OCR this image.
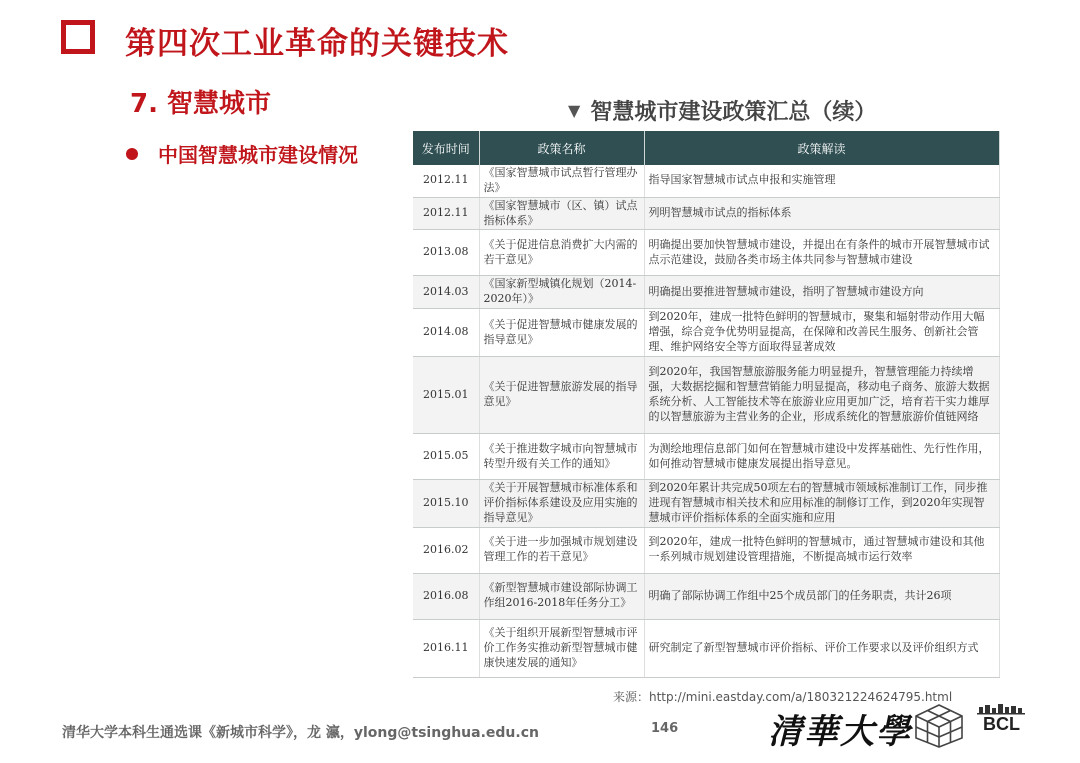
第四次工业革命的关键技术
7. 智慧城市
中国智慧城市建设情况
▼ 智慧城市建设政策汇总（续）
发布时间	政策名称	政策解读
2012.11	《国家智慧城市试点暂行管理办法》	指导国家智慧城市试点申报和实施管理
2012.11	《国家智慧城市（区、镇）试点指标体系》	列明智慧城市试点的指标体系
2013.08	《关于促进信息消费扩大内需的若干意见》	明确提出要加快智慧城市建设，并提出在有条件的城市开展智慧城市试点示范建设，鼓励各类市场主体共同参与智慧城市建设
2014.03	《国家新型城镇化规划（2014-2020年）》	明确提出要推进智慧城市建设，指明了智慧城市建设方向
2014.08	《关于促进智慧城市健康发展的指导意见》	到2020年，建成一批特色鲜明的智慧城市，聚集和辐射带动作用大幅增强，综合竞争优势明显提高，在保障和改善民生服务、创新社会管理、维护网络安全等方面取得显著成效
2015.01	《关于促进智慧旅游发展的指导意见》	到2020年，我国智慧旅游服务能力明显提升，智慧管理能力持续增强，大数据挖掘和智慧营销能力明显提高，移动电子商务、旅游大数据系统分析、人工智能技术等在旅游业应用更加广泛，培育若干实力雄厚的以智慧旅游为主营业务的企业，形成系统化的智慧旅游价值链网络
2015.05	《关于推进数字城市向智慧城市转型升级有关工作的通知》	为测绘地理信息部门如何在智慧城市建设中发挥基础性、先行性作用，如何推动智慧城市健康发展提出指导意见。
2015.10	《关于开展智慧城市标准体系和评价指标体系建设及应用实施的指导意见》	到2020年累计共完成50项左右的智慧城市领域标准制订工作，同步推进现有智慧城市相关技术和应用标准的制修订工作，到2020年实现智慧城市评价指标体系的全面实施和应用
2016.02	《关于进一步加强城市规划建设管理工作的若干意见》	到2020年，建成一批特色鲜明的智慧城市，通过智慧城市建设和其他一系列城市规划建设管理措施，不断提高城市运行效率
2016.08	《新型智慧城市建设部际协调工作组2016-2018年任务分工》	明确了部际协调工作组中25个成员部门的任务职责，共计26项
2016.11	《关于组织开展新型智慧城市评价工作务实推动新型智慧城市健康快速发展的通知》	研究制定了新型智慧城市评价指标、评价工作要求以及评价组织方式
来源：http://mini.eastday.com/a/180321224624795.html
清华大学本科生通选课《新城市科学》，龙 瀛，ylong@tsinghua.edu.cn	146	清華大學	BCL
